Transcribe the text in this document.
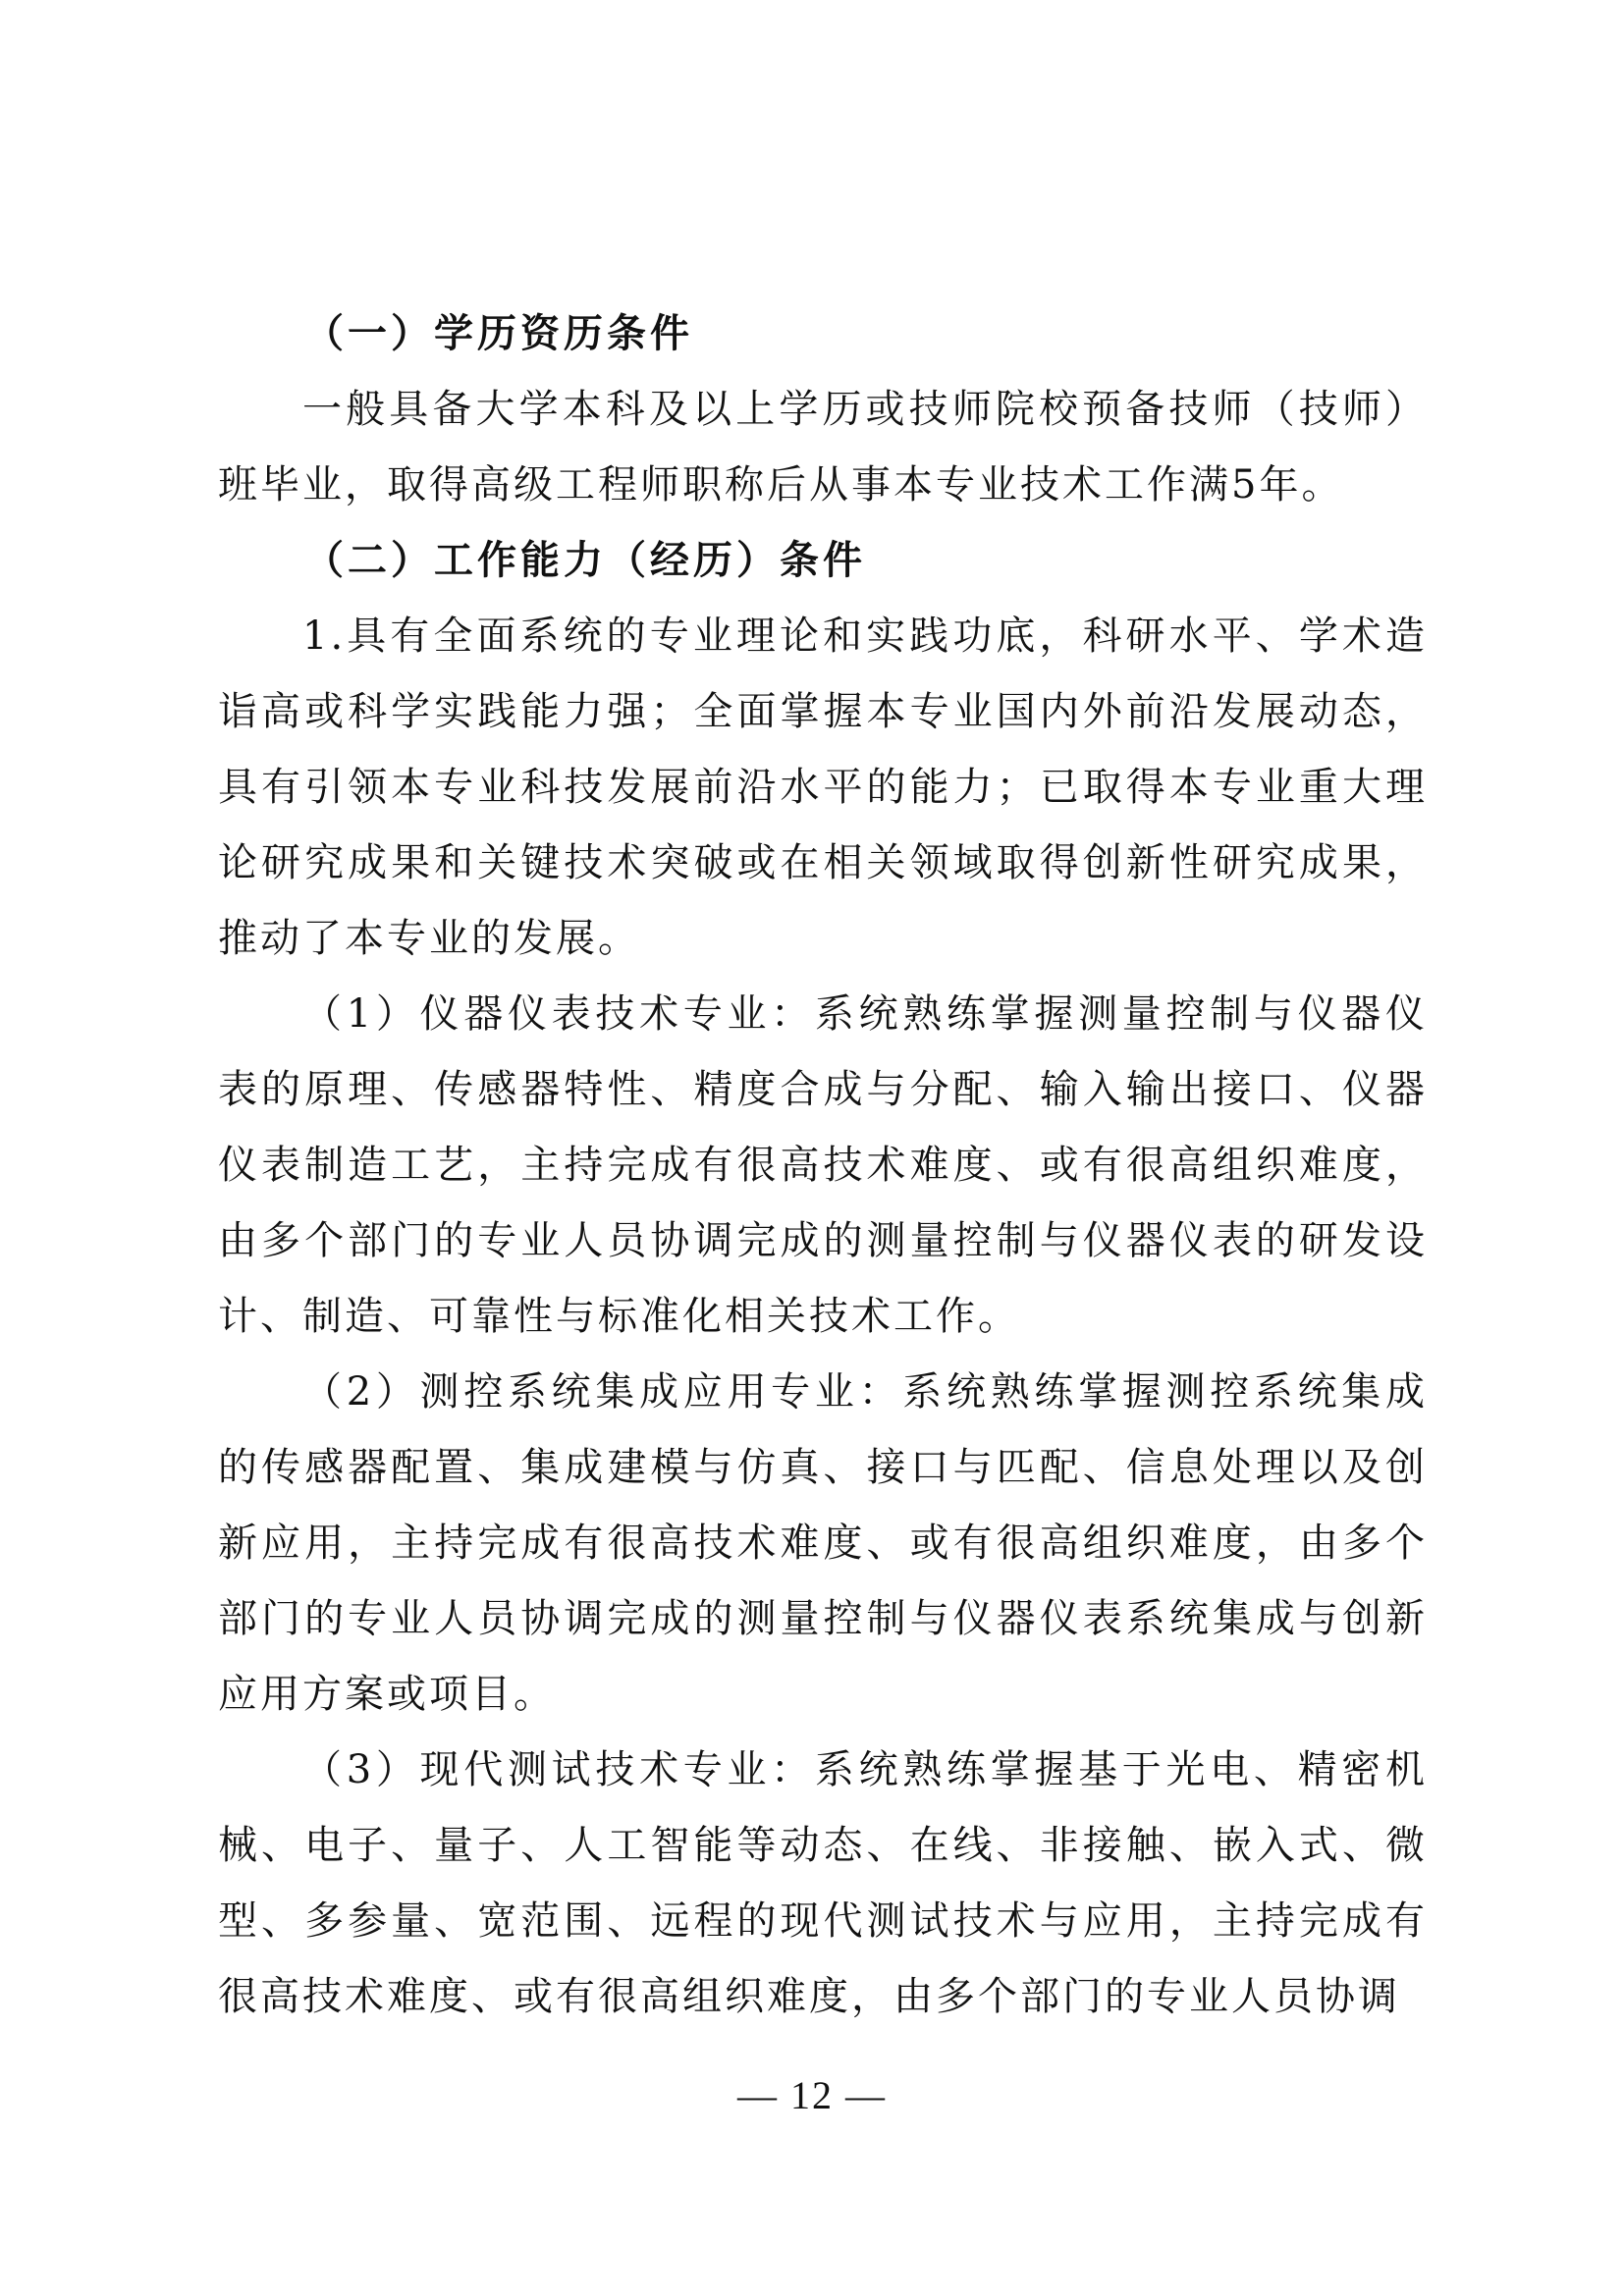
（一）学历资历条件

一般具备大学本科及以上学历或技师院校预备技师（技师）班毕业，取得高级工程师职称后从事本专业技术工作满5年。

（二）工作能力（经历）条件

1.具有全面系统的专业理论和实践功底，科研水平、学术造诣高或科学实践能力强；全面掌握本专业国内外前沿发展动态，具有引领本专业科技发展前沿水平的能力；已取得本专业重大理论研究成果和关键技术突破或在相关领域取得创新性研究成果，推动了本专业的发展。

（1）仪器仪表技术专业：系统熟练掌握测量控制与仪器仪表的原理、传感器特性、精度合成与分配、输入输出接口、仪器仪表制造工艺，主持完成有很高技术难度、或有很高组织难度，由多个部门的专业人员协调完成的测量控制与仪器仪表的研发设计、制造、可靠性与标准化相关技术工作。

（2）测控系统集成应用专业：系统熟练掌握测控系统集成的传感器配置、集成建模与仿真、接口与匹配、信息处理以及创新应用，主持完成有很高技术难度、或有很高组织难度，由多个部门的专业人员协调完成的测量控制与仪器仪表系统集成与创新应用方案或项目。

（3）现代测试技术专业：系统熟练掌握基于光电、精密机械、电子、量子、人工智能等动态、在线、非接触、嵌入式、微型、多参量、宽范围、远程的现代测试技术与应用，主持完成有很高技术难度、或有很高组织难度，由多个部门的专业人员协调

— 12 —
